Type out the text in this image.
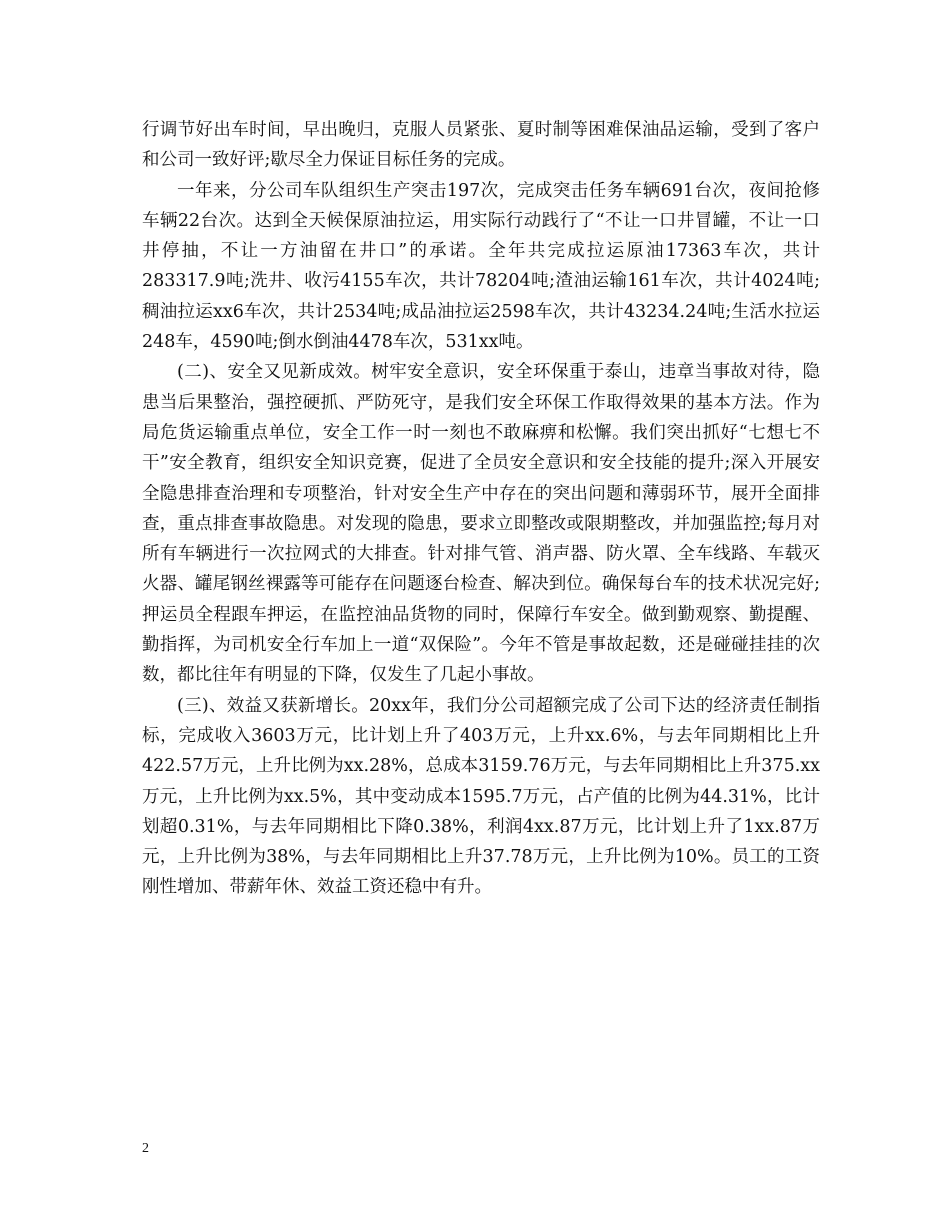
行调节好出车时间，早出晚归，克服人员紧张、夏时制等困难保油品运输，受到了客户和公司一致好评;歇尽全力保证目标任务的完成。

一年来，分公司车队组织生产突击197次，完成突击任务车辆691台次，夜间抢修车辆22台次。达到全天候保原油拉运，用实际行动践行了“不让一口井冒罐，不让一口井停抽，不让一方油留在井口”的承诺。全年共完成拉运原油17363车次，共计283317.9吨;洗井、收污4155车次，共计78204吨;渣油运输161车次，共计4024吨;稠油拉运xx6车次，共计2534吨;成品油拉运2598车次，共计43234.24吨;生活水拉运248车，4590吨;倒水倒油4478车次，531xx吨。

(二)、安全又见新成效。树牢安全意识，安全环保重于泰山，违章当事故对待，隐患当后果整治，强控硬抓、严防死守，是我们安全环保工作取得效果的基本方法。作为局危货运输重点单位，安全工作一时一刻也不敢麻痹和松懈。我们突出抓好“七想七不干”安全教育，组织安全知识竞赛，促进了全员安全意识和安全技能的提升;深入开展安全隐患排查治理和专项整治，针对安全生产中存在的突出问题和薄弱环节，展开全面排查，重点排查事故隐患。对发现的隐患，要求立即整改或限期整改，并加强监控;每月对所有车辆进行一次拉网式的大排查。针对排气管、消声器、防火罩、全车线路、车载灭火器、罐尾钢丝裸露等可能存在问题逐台检查、解决到位。确保每台车的技术状况完好;押运员全程跟车押运，在监控油品货物的同时，保障行车安全。做到勤观察、勤提醒、勤指挥，为司机安全行车加上一道“双保险”。今年不管是事故起数，还是碰碰挂挂的次数，都比往年有明显的下降，仅发生了几起小事故。

(三)、效益又获新增长。20xx年，我们分公司超额完成了公司下达的经济责任制指标，完成收入3603万元，比计划上升了403万元，上升xx.6%，与去年同期相比上升422.57万元，上升比例为xx.28%，总成本3159.76万元，与去年同期相比上升375.xx万元，上升比例为xx.5%，其中变动成本1595.7万元，占产值的比例为44.31%，比计划超0.31%，与去年同期相比下降0.38%，利润4xx.87万元，比计划上升了1xx.87万元，上升比例为38%，与去年同期相比上升37.78万元，上升比例为10%。员工的工资刚性增加、带薪年休、效益工资还稳中有升。

2
